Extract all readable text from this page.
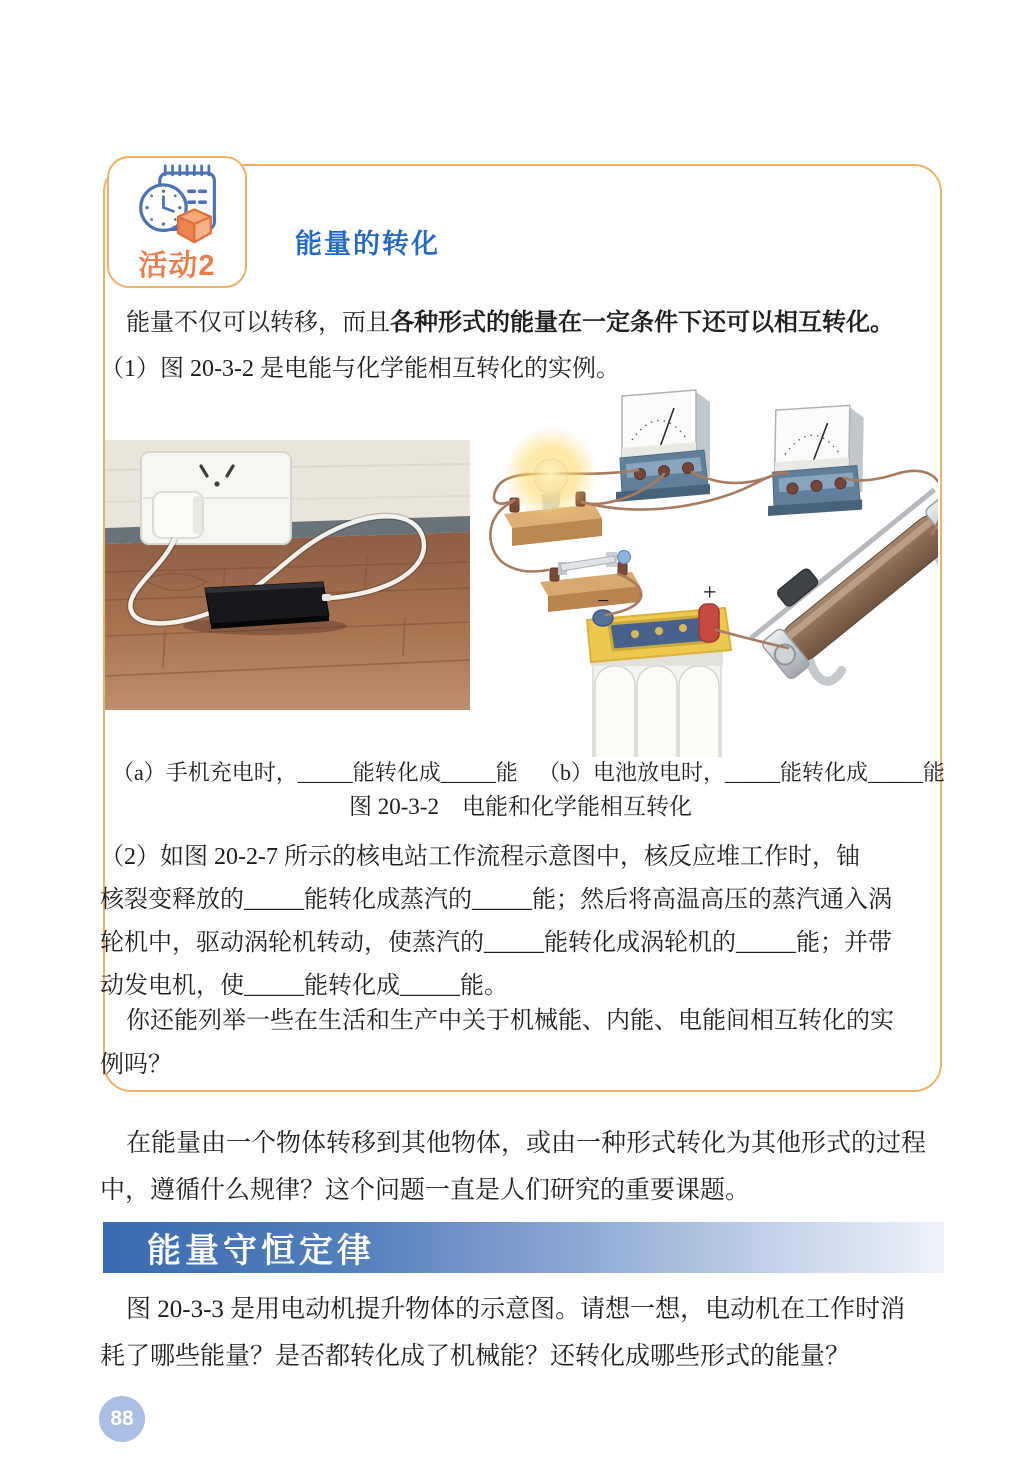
活动2
能量的转化
能量不仅可以转移，而且各种形式的能量在一定条件下还可以相互转化。
（1）图 20-3-2 是电能与化学能相互转化的实例。
−	+
（a）手机充电时，_____能转化成_____能 （b）电池放电时，_____能转化成_____能
图 20-3-2　电能和化学能相互转化
（2）如图 20-2-7 所示的核电站工作流程示意图中，核反应堆工作时，铀
核裂变释放的_____能转化成蒸汽的_____能；然后将高温高压的蒸汽通入涡
轮机中，驱动涡轮机转动，使蒸汽的_____能转化成涡轮机的_____能；并带
动发电机，使_____能转化成_____能。
你还能列举一些在生活和生产中关于机械能、内能、电能间相互转化的实
例吗？
在能量由一个物体转移到其他物体，或由一种形式转化为其他形式的过程
中，遵循什么规律？这个问题一直是人们研究的重要课题。
能量守恒定律
图 20-3-3 是用电动机提升物体的示意图。请想一想，电动机在工作时消
耗了哪些能量？是否都转化成了机械能？还转化成哪些形式的能量？
88
